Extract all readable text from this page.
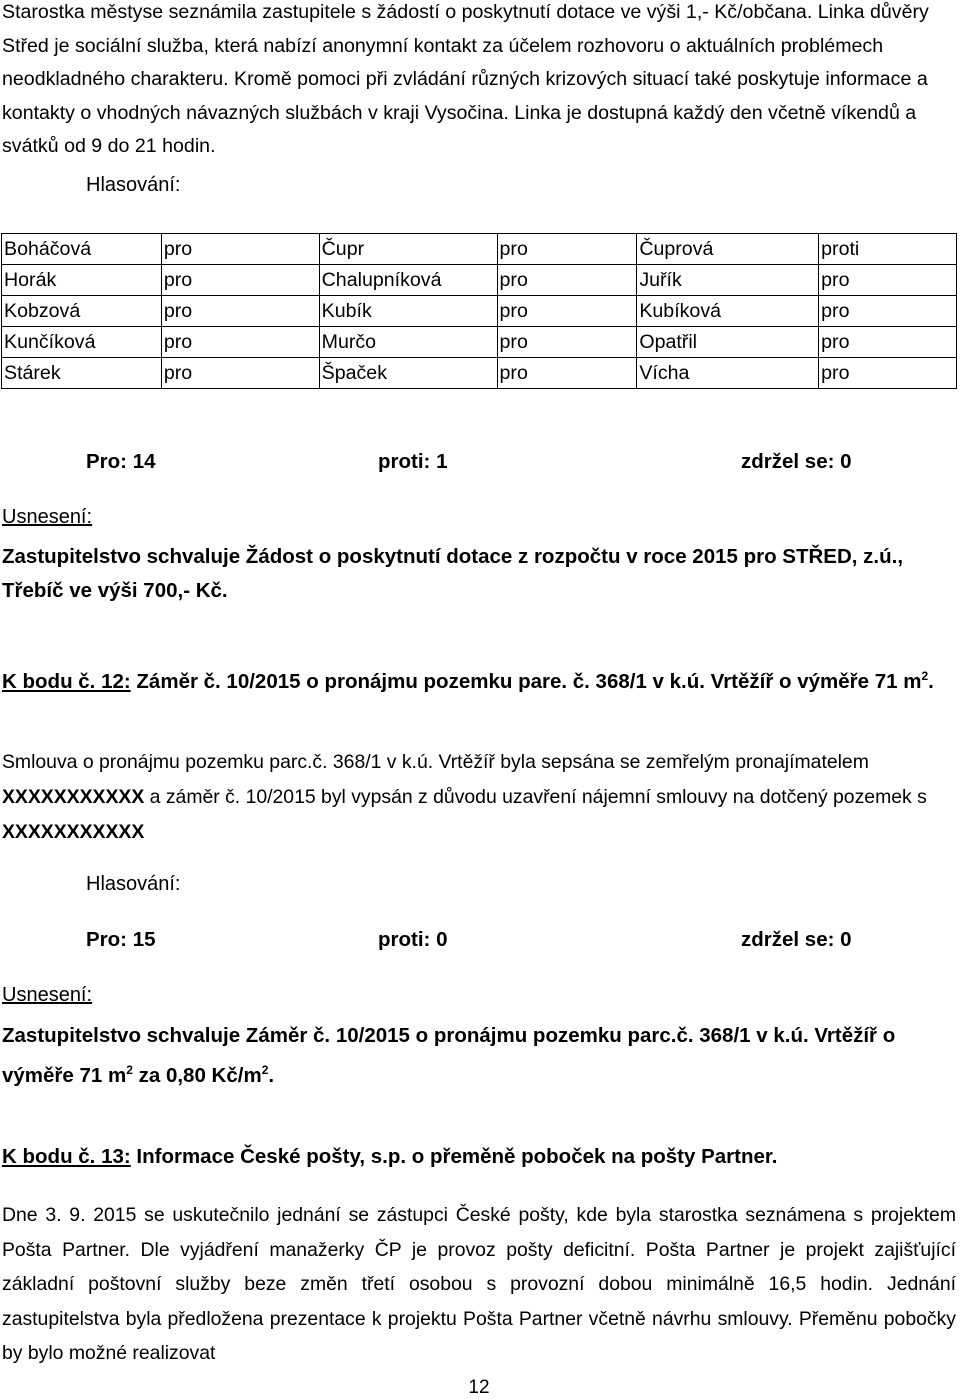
Starostka městyse seznámila zastupitele s žádostí o poskytnutí dotace ve výši 1,- Kč/občana. Linka důvěry Střed je sociální služba, která nabízí anonymní kontakt za účelem rozhovoru o aktuálních problémech neodkladného charakteru. Kromě pomoci při zvládání různých krizových situací také poskytuje informace a kontakty o vhodných návazných službách v kraji Vysočina. Linka je dostupná každý den včetně víkendů a svátků od 9 do 21 hodin.

Hlasování:

Boháčová	pro	Čupr	pro	Čuprová	proti
Horák	pro	Chalupníková	pro	Juřík	pro
Kobzová	pro	Kubík	pro	Kubíková	pro
Kunčíková	pro	Murčo	pro	Opatřil	pro
Stárek	pro	Špaček	pro	Vícha	pro

Pro: 14	proti: 1	zdržel se: 0

Usnesení:

Zastupitelstvo schvaluje Žádost o poskytnutí dotace z rozpočtu v roce 2015 pro STŘED, z.ú., Třebíč ve výši 700,- Kč.

K bodu č. 12: Záměr č. 10/2015 o pronájmu pozemku pare. č. 368/1 v k.ú. Vrtěžíř o výměře 71 $m^2$.

Smlouva o pronájmu pozemku parc.č. 368/1 v k.ú. Vrtěžíř byla sepsána se zemřelým pronajímatelem XXXXXXXXXXX a záměr č. 10/2015 byl vypsán z důvodu uzavření nájemní smlouvy na dotčený pozemek s XXXXXXXXXXX

Hlasování:

Pro: 15	proti: 0	zdržel se: 0

Usnesení:

Zastupitelstvo schvaluje Záměr č. 10/2015 o pronájmu pozemku parc.č. 368/1 v k.ú. Vrtěžíř o výměře 71 $m^2$ za 0,80 $Kč/m^2$.

K bodu č. 13: Informace České pošty, s.p. o přeměně poboček na pošty Partner.

Dne 3. 9. 2015 se uskutečnilo jednání se zástupci České pošty, kde byla starostka seznámena s projektem Pošta Partner. Dle vyjádření manažerky ČP je provoz pošty deficitní. Pošta Partner je projekt zajišťující základní poštovní služby beze změn třetí osobou s provozní dobou minimálně 16,5 hodin. Jednání zastupitelstva byla předložena prezentace k projektu Pošta Partner včetně návrhu smlouvy. Přeměnu pobočky by bylo možné realizovat

12
